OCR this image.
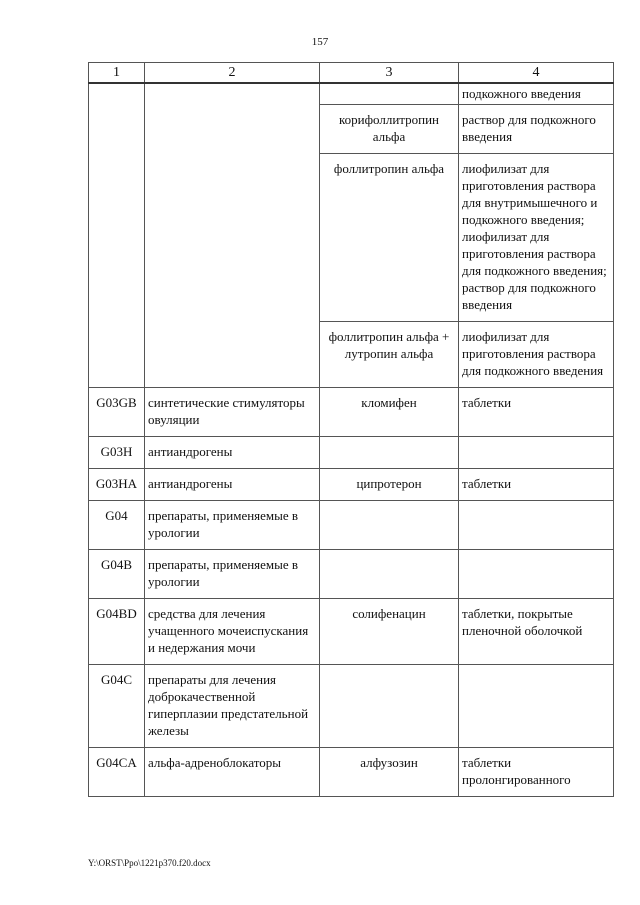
157
1	2	3	4
			подкожного введения
		корифоллитропин альфа	раствор для подкожного введения
		фоллитропин альфа	лиофилизат для приготовления раствора для внутримышечного и подкожного введения; лиофилизат для приготовления раствора для подкожного введения; раствор для подкожного введения
		фоллитропин альфа + лутропин альфа	лиофилизат для приготовления раствора для подкожного введения
G03GB	синтетические стимуляторы овуляции	кломифен	таблетки
G03H	антиандрогены		
G03HA	антиандрогены	ципротерон	таблетки
G04	препараты, применяемые в урологии		
G04B	препараты, применяемые в урологии		
G04BD	средства для лечения учащенного мочеиспускания и недержания мочи	солифенацин	таблетки, покрытые пленочной оболочкой
G04C	препараты для лечения доброкачественной гиперплазии предстательной железы		
G04CA	альфа-адреноблокаторы	алфузозин	таблетки пролонгированного
Y:\ORST\Ppo\1221p370.f20.docx
